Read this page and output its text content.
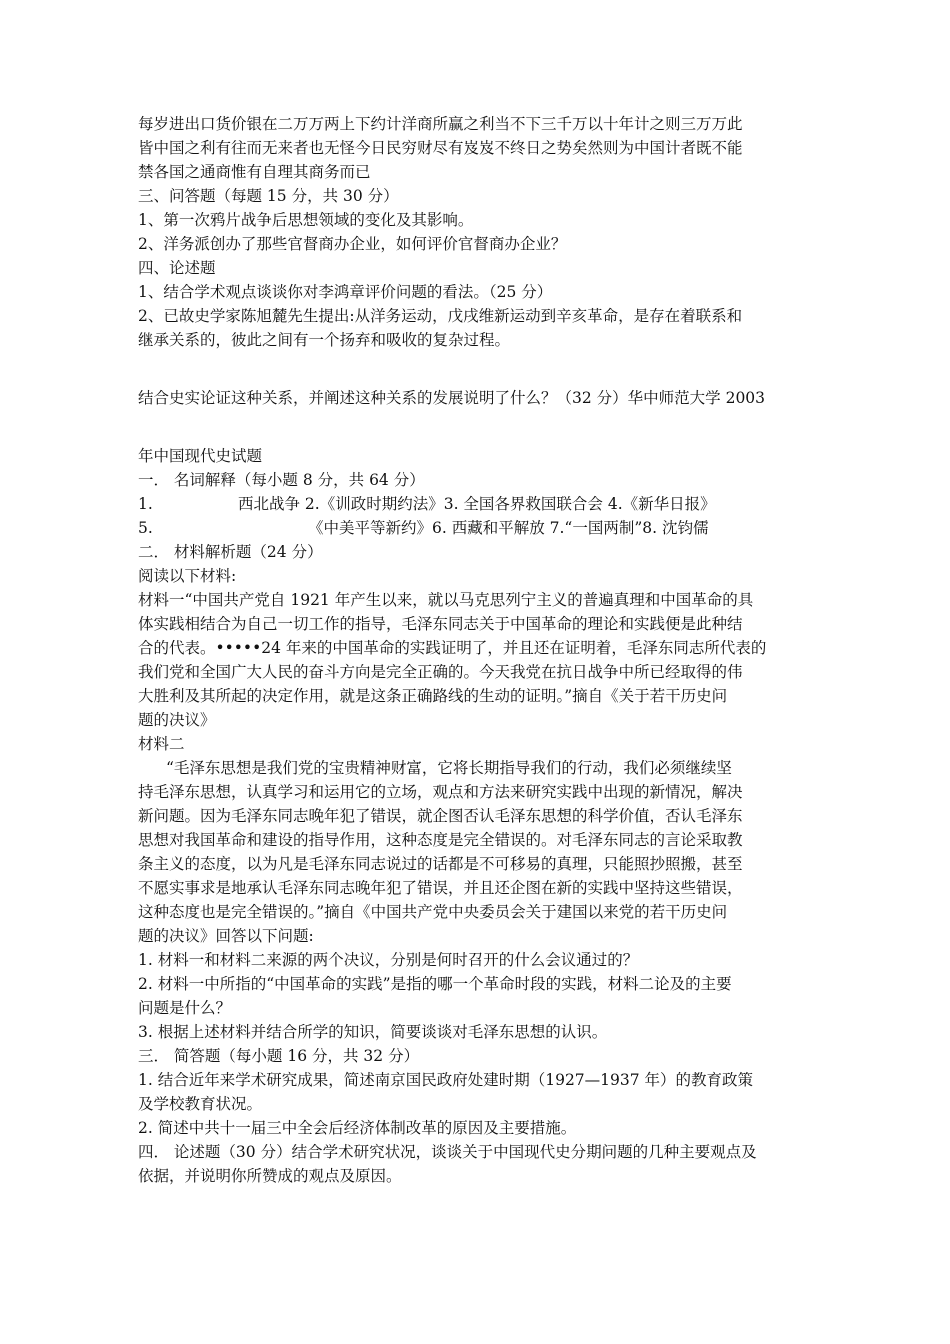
每岁进出口货价银在二万万两上下约计洋商所赢之利当不下三千万以十年计之则三万万此
皆中国之利有往而无来者也无怪今日民穷财尽有岌岌不终日之势矣然则为中国计者既不能
禁各国之通商惟有自理其商务而已
三、问答题（每题 15 分，共 30 分）
1、第一次鸦片战争后思想领域的变化及其影响。
2、洋务派创办了那些官督商办企业，如何评价官督商办企业？
四、论述题
1、结合学术观点谈谈你对李鸿章评价问题的看法。（25 分）
2、已故史学家陈旭麓先生提出:从洋务运动，戊戌维新运动到辛亥革命，是存在着联系和
继承关系的，彼此之间有一个扬弃和吸收的复杂过程。
结合史实论证这种关系，并阐述这种关系的发展说明了什么？（32 分）华中师范大学 2003
年中国现代史试题
一． 名词解释（每小题 8 分，共 64 分）
1.	西北战争 2.《训政时期约法》3. 全国各界救国联合会 4.《新华日报》
5.	《中美平等新约》6. 西藏和平解放 7.“一国两制”8. 沈钧儒
二． 材料解析题（24 分）
阅读以下材料:
材料一“中国共产党自 1921 年产生以来，就以马克思列宁主义的普遍真理和中国革命的具
体实践相结合为自己一切工作的指导，毛泽东同志关于中国革命的理论和实践便是此种结
合的代表。•••••24 年来的中国革命的实践证明了，并且还在证明着，毛泽东同志所代表的
我们党和全国广大人民的奋斗方向是完全正确的。今天我党在抗日战争中所已经取得的伟
大胜利及其所起的决定作用，就是这条正确路线的生动的证明。”摘自《关于若干历史问
题的决议》
材料二
“毛泽东思想是我们党的宝贵精神财富，它将长期指导我们的行动，我们必须继续坚
持毛泽东思想，认真学习和运用它的立场，观点和方法来研究实践中出现的新情况，解决
新问题。因为毛泽东同志晚年犯了错误，就企图否认毛泽东思想的科学价值，否认毛泽东
思想对我国革命和建设的指导作用，这种态度是完全错误的。对毛泽东同志的言论采取教
条主义的态度，以为凡是毛泽东同志说过的话都是不可移易的真理，只能照抄照搬，甚至
不愿实事求是地承认毛泽东同志晚年犯了错误，并且还企图在新的实践中坚持这些错误，
这种态度也是完全错误的。”摘自《中国共产党中央委员会关于建国以来党的若干历史问
题的决议》回答以下问题:
1. 材料一和材料二来源的两个决议，分别是何时召开的什么会议通过的？
2. 材料一中所指的“中国革命的实践”是指的哪一个革命时段的实践，材料二论及的主要
问题是什么？
3. 根据上述材料并结合所学的知识，简要谈谈对毛泽东思想的认识。
三． 简答题（每小题 16 分，共 32 分）
1. 结合近年来学术研究成果，简述南京国民政府处建时期（1927—1937 年）的教育政策
及学校教育状况。
2. 简述中共十一届三中全会后经济体制改革的原因及主要措施。
四． 论述题（30 分）结合学术研究状况，谈谈关于中国现代史分期问题的几种主要观点及
依据，并说明你所赞成的观点及原因。
